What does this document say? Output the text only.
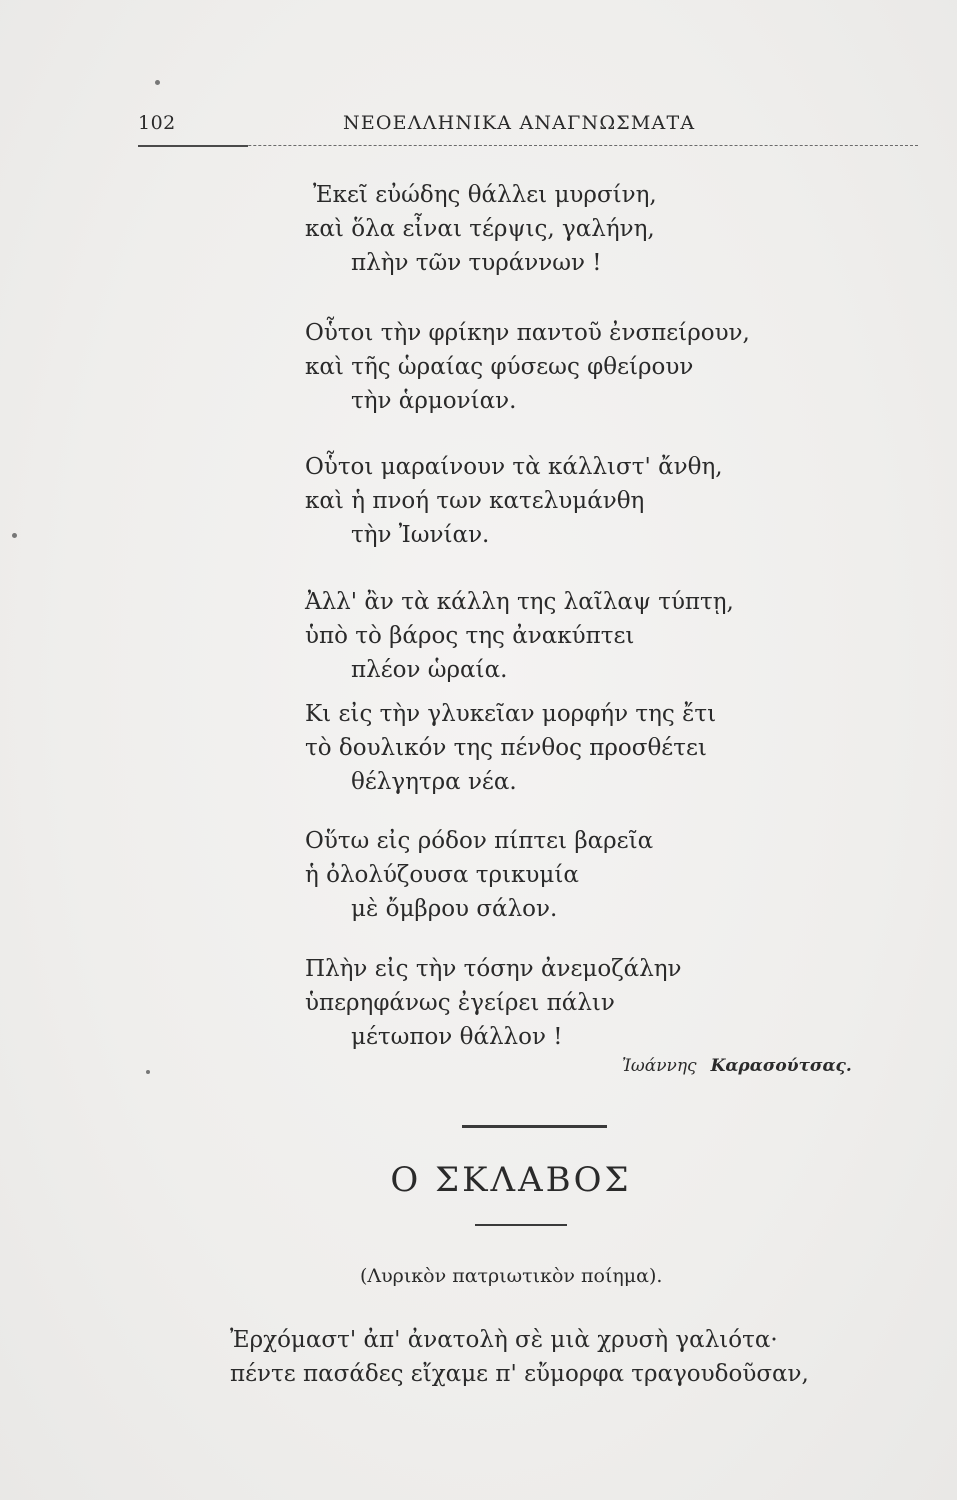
102	ΝΕΟΕΛΛΗΝΙΚΑ ΑΝΑΓΝΩΣΜΑΤΑ
Ἐκεῖ εὐώδης θάλλει μυρσίνη,
καὶ ὅλα εἶναι τέρψις, γαλήνη,
πλὴν τῶν τυράννων !
Οὗτοι τὴν φρίκην παντοῦ ἐνσπείρουν,
καὶ τῆς ὡραίας φύσεως φθείρουν
τὴν ἁρμονίαν.
Οὗτοι μαραίνουν τὰ κάλλιστ' ἄνθη,
καὶ ἡ πνοή των κατελυμάνθη
τὴν Ἰωνίαν.
Ἀλλ' ἂν τὰ κάλλη της λαῖλαψ τύπτῃ,
ὑπὸ τὸ βάρος της ἀνακύπτει
πλέον ὡραία.
Κι εἰς τὴν γλυκεῖαν μορφήν της ἔτι
τὸ δουλικόν της πένθος προσθέτει
θέλγητρα νέα.
Οὕτω εἰς ρόδον πίπτει βαρεῖα
ἡ ὀλολύζουσα τρικυμία
μὲ ὄμβρου σάλον.
Πλὴν εἰς τὴν τόσην ἀνεμοζάλην
ὑπερηφάνως ἐγείρει πάλιν
μέτωπον θάλλον !
Ἰωάννης Καρασούτσας.
Ο ΣΚΛΑΒΟΣ
(Λυρικὸν πατριωτικὸν ποίημα).
Ἐρχόμαστ' ἀπ' ἀνατολὴ σὲ μιὰ χρυσὴ γαλιότα·
πέντε πασάδες εἴχαμε π' εὔμορφα τραγουδοῦσαν,
